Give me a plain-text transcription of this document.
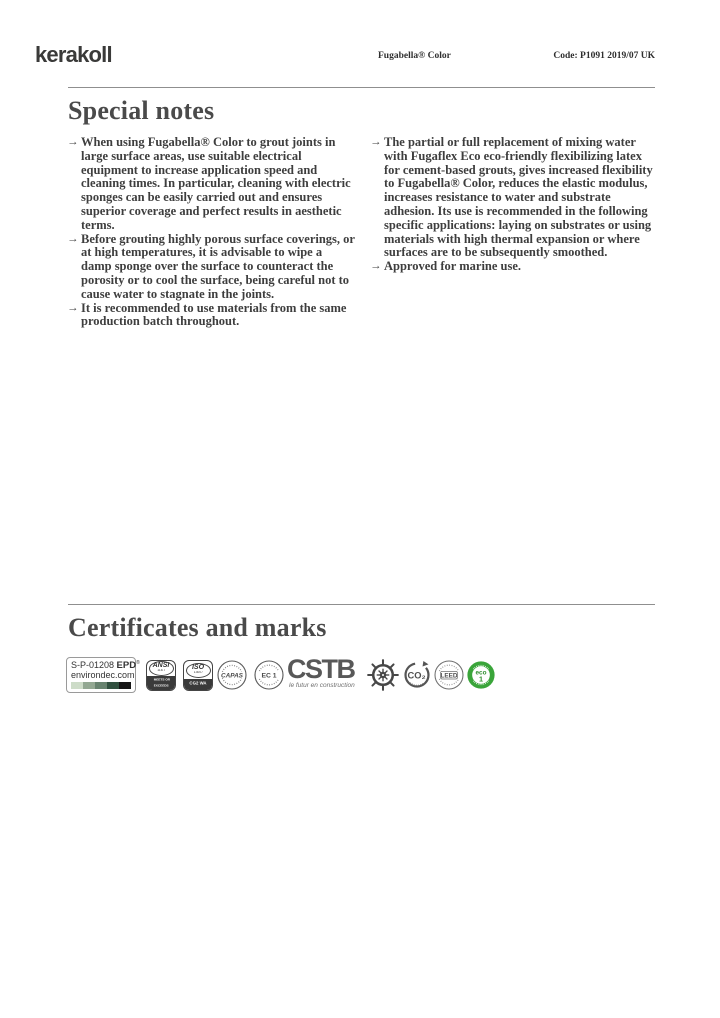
kerakoll	Fugabella® Color	Code: P1091 2019/07 UK
Special notes
→ When using Fugabella® Color to grout joints in large surface areas, use suitable electrical equipment to increase application speed and cleaning times. In particular, cleaning with electric sponges can be easily carried out and ensures superior coverage and perfect results in aesthetic terms.
→ Before grouting highly porous surface coverings, or at high temperatures, it is advisable to wipe a damp sponge over the surface to counteract the porosity or to cool the surface, being careful not to cause water to stagnate in the joints.
→ It is recommended to use materials from the same production batch throughout.
→ The partial or full replacement of mixing water with Fugaflex Eco eco-friendly flexibilizing latex for cement-based grouts, gives increased flexibility to Fugabella® Color, reduces the elastic modulus, increases resistance to water and substrate adhesion. Its use is recommended in the following specific applications: laying on substrates or using materials with high thermal expansion or where surfaces are to be subsequently smoothed.
→ Approved for marine use.
Certificates and marks
S-P-01208 EPD®
environdec.com
ANSI
118.7
MEETS OR
EXCEEDS
ISO
13007
CG2 WA
CAPAS EC 1 CSTB
le futur en construction
CO₂ LEED eco
1
